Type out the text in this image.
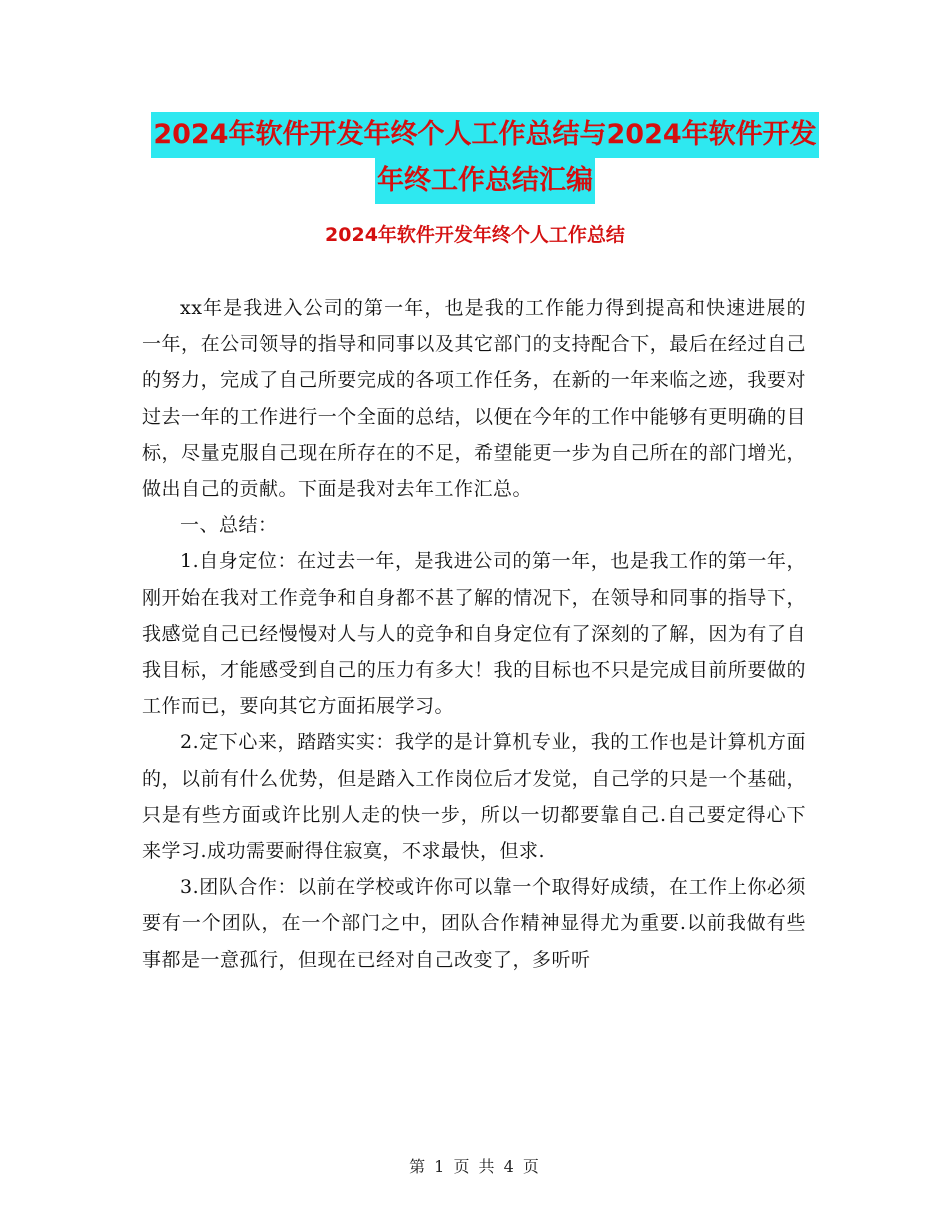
2024年软件开发年终个人工作总结与2024年软件开发
年终工作总结汇编
2024年软件开发年终个人工作总结

xx年是我进入公司的第一年，也是我的工作能力得到提高和快速进展的一年，在公司领导的指导和同事以及其它部门的支持配合下，最后在经过自己的努力，完成了自己所要完成的各项工作任务，在新的一年来临之迹，我要对过去一年的工作进行一个全面的总结，以便在今年的工作中能够有更明确的目标，尽量克服自己现在所存在的不足，希望能更一步为自己所在的部门增光，做出自己的贡献。下面是我对去年工作汇总。

一、总结：

1.自身定位：在过去一年，是我进公司的第一年，也是我工作的第一年，刚开始在我对工作竞争和自身都不甚了解的情况下，在领导和同事的指导下，我感觉自己已经慢慢对人与人的竞争和自身定位有了深刻的了解，因为有了自我目标，才能感受到自己的压力有多大！我的目标也不只是完成目前所要做的工作而已，要向其它方面拓展学习。

2.定下心来，踏踏实实：我学的是计算机专业，我的工作也是计算机方面的，以前有什么优势，但是踏入工作岗位后才发觉，自己学的只是一个基础，只是有些方面或许比别人走的快一步，所以一切都要靠自己.自己要定得心下来学习.成功需要耐得住寂寞，不求最快，但求.

3.团队合作：以前在学校或许你可以靠一个取得好成绩，在工作上你必须要有一个团队，在一个部门之中，团队合作精神显得尤为重要.以前我做有些事都是一意孤行，但现在已经对自己改变了，多听听

第 1 页 共 4 页
